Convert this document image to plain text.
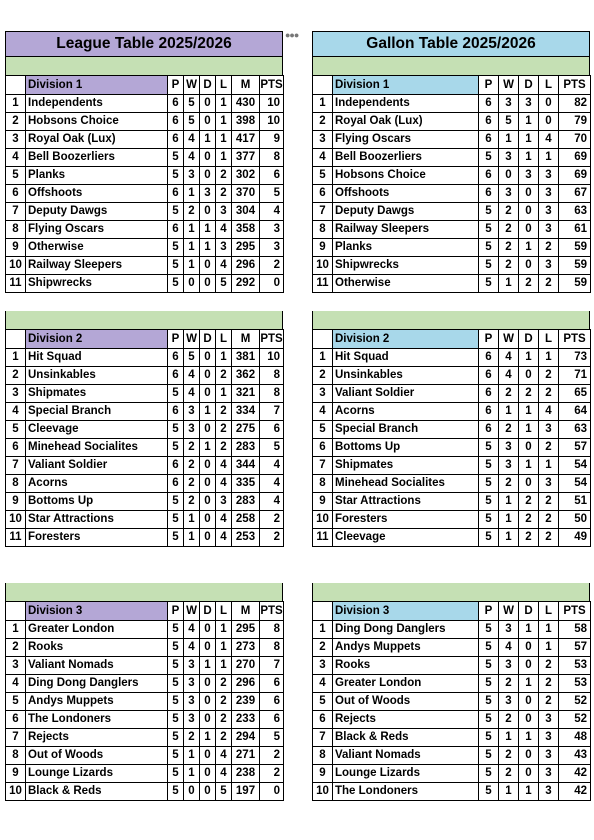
●●●
League Table 2025/2026
	Division 1	P	W	D	L	M	PTS
1	Independents	6	5	0	1	430	10
2	Hobsons Choice	6	5	0	1	398	10
3	Royal Oak (Lux)	6	4	1	1	417	9
4	Bell Boozerliers	5	4	0	1	377	8
5	Planks	5	3	0	2	302	6
6	Offshoots	6	1	3	2	370	5
7	Deputy Dawgs	5	2	0	3	304	4
8	Flying Oscars	6	1	1	4	358	3
9	Otherwise	5	1	1	3	295	3
10	Railway Sleepers	5	1	0	4	296	2
11	Shipwrecks	5	0	0	5	292	0
	Division 2	P	W	D	L	M	PTS
1	Hit Squad	6	5	0	1	381	10
2	Unsinkables	6	4	0	2	362	8
3	Shipmates	5	4	0	1	321	8
4	Special Branch	6	3	1	2	334	7
5	Cleevage	5	3	0	2	275	6
6	Minehead Socialites	5	2	1	2	283	5
7	Valiant Soldier	6	2	0	4	344	4
8	Acorns	6	2	0	4	335	4
9	Bottoms Up	5	2	0	3	283	4
10	Star Attractions	5	1	0	4	258	2
11	Foresters	5	1	0	4	253	2
	Division 3	P	W	D	L	M	PTS
1	Greater London	5	4	0	1	295	8
2	Rooks	5	4	0	1	273	8
3	Valiant Nomads	5	3	1	1	270	7
4	Ding Dong Danglers	5	3	0	2	296	6
5	Andys Muppets	5	3	0	2	239	6
6	The Londoners	5	3	0	2	233	6
7	Rejects	5	2	1	2	294	5
8	Out of Woods	5	1	0	4	271	2
9	Lounge Lizards	5	1	0	4	238	2
10	Black & Reds	5	0	0	5	197	0
Gallon Table 2025/2026
	Division 1	P	W	D	L	PTS
1	Independents	6	3	3	0	82
2	Royal Oak (Lux)	6	5	1	0	79
3	Flying Oscars	6	1	1	4	70
4	Bell Boozerliers	5	3	1	1	69
5	Hobsons Choice	6	0	3	3	69
6	Offshoots	6	3	0	3	67
7	Deputy Dawgs	5	2	0	3	63
8	Railway Sleepers	5	2	0	3	61
9	Planks	5	2	1	2	59
10	Shipwrecks	5	2	0	3	59
11	Otherwise	5	1	2	2	59
	Division 2	P	W	D	L	PTS
1	Hit Squad	6	4	1	1	73
2	Unsinkables	6	4	0	2	71
3	Valiant Soldier	6	2	2	2	65
4	Acorns	6	1	1	4	64
5	Special Branch	6	2	1	3	63
6	Bottoms Up	5	3	0	2	57
7	Shipmates	5	3	1	1	54
8	Minehead Socialites	5	2	0	3	54
9	Star Attractions	5	1	2	2	51
10	Foresters	5	1	2	2	50
11	Cleevage	5	1	2	2	49
	Division 3	P	W	D	L	PTS
1	Ding Dong Danglers	5	3	1	1	58
2	Andys Muppets	5	4	0	1	57
3	Rooks	5	3	0	2	53
4	Greater London	5	2	1	2	53
5	Out of Woods	5	3	0	2	52
6	Rejects	5	2	0	3	52
7	Black & Reds	5	1	1	3	48
8	Valiant Nomads	5	2	0	3	43
9	Lounge Lizards	5	2	0	3	42
10	The Londoners	5	1	1	3	42
